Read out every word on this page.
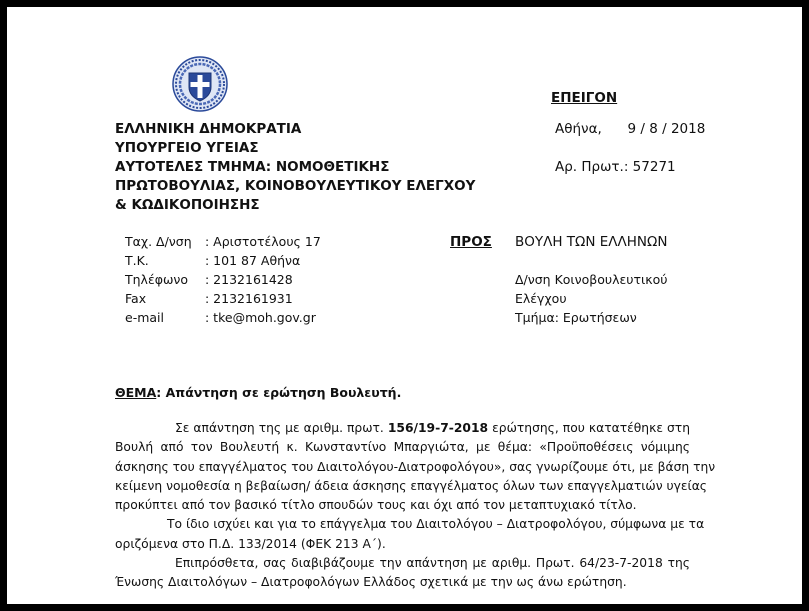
ΕΠΕΙΓΟΝ
ΕΛΛΗΝΙΚΗ ΔΗΜΟΚΡΑΤΙΑ
ΥΠΟΥΡΓΕΙΟ ΥΓΕΙΑΣ
ΑΥΤΟΤΕΛΕΣ ΤΜΗΜΑ: ΝΟΜΟΘΕΤΙΚΗΣ
ΠΡΩΤΟΒΟΥΛΙΑΣ, ΚΟΙΝΟΒΟΥΛΕΥΤΙΚΟΥ ΕΛΕΓΧΟΥ
& ΚΩΔΙΚΟΠΟΙΗΣΗΣ
Αθήνα,      9 / 8 / 2018
Αρ. Πρωτ.: 57271
Ταχ. Δ/νση : Αριστοτέλους 17
Τ.Κ.	: 101 87 Αθήνα
Τηλέφωνο : 2132161428
Fax	: 2132161931
e-mail	: tke@moh.gov.gr
ΠΡΟΣ ΒΟΥΛΗ ΤΩΝ ΕΛΛΗΝΩΝ
Δ/νση Κοινοβουλευτικού
Ελέγχου
Τμήμα: Ερωτήσεων
ΘΕΜΑ: Απάντηση σε ερώτηση Βουλευτή.
Σε απάντηση της με αριθμ. πρωτ. 156/19-7-2018 ερώτησης, που κατατέθηκε στη
Βουλή από τον Βουλευτή κ. Κωνσταντίνο Μπαργιώτα, με θέμα: «Προϋποθέσεις νόμιμης
άσκησης του επαγγέλματος του Διαιτολόγου-Διατροφολόγου», σας γνωρίζουμε ότι, με βάση την
κείμενη νομοθεσία η βεβαίωση/ άδεια άσκησης επαγγέλματος όλων των επαγγελματιών υγείας
προκύπτει από τον βασικό τίτλο σπουδών τους και όχι από τον μεταπτυχιακό τίτλο.
Το ίδιο ισχύει και για το επάγγελμα του Διαιτολόγου – Διατροφολόγου, σύμφωνα με τα
οριζόμενα στο Π.Δ. 133/2014 (ΦΕΚ 213 Α΄).
Επιπρόσθετα, σας διαβιβάζουμε την απάντηση με αριθμ. Πρωτ. 64/23-7-2018 της
Ένωσης Διαιτολόγων – Διατροφολόγων Ελλάδος σχετικά με την ως άνω ερώτηση.
